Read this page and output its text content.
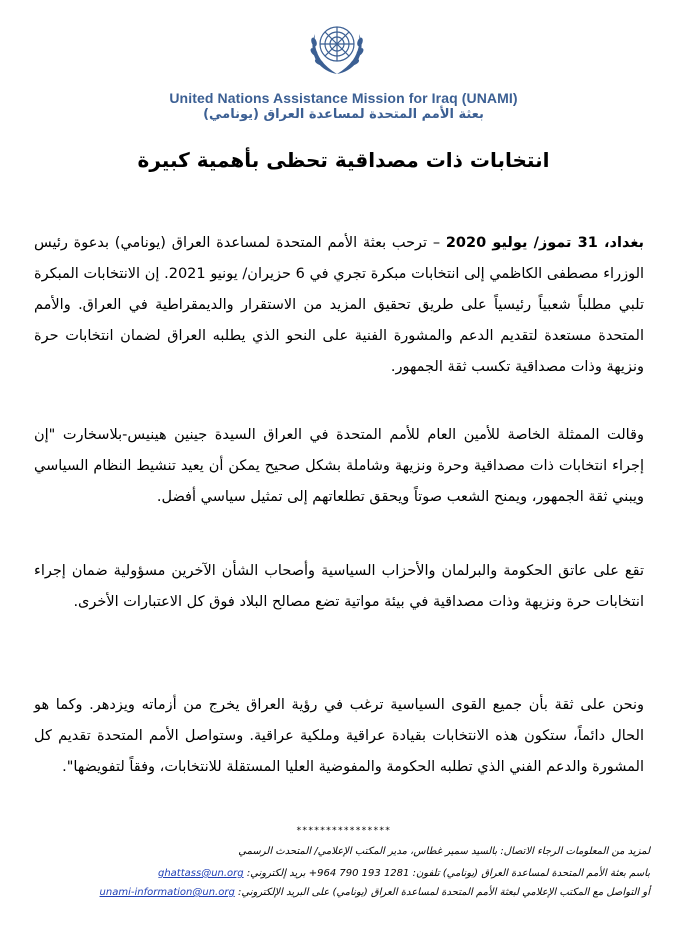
United Nations Assistance Mission for Iraq (UNAMI)
بعثة الأمم المتحدة لمساعدة العراق (يونامي)
انتخابات ذات مصداقية تحظى بأهمية كبيرة

بغداد، 31 تموز/ يوليو 2020 – ترحب بعثة الأمم المتحدة لمساعدة العراق (يونامي) بدعوة رئيس الوزراء مصطفى الكاظمي إلى انتخابات مبكرة تجري في 6 حزيران/ يونيو 2021. إن الانتخابات المبكرة تلبي مطلباً شعبياً رئيسياً على طريق تحقيق المزيد من الاستقرار والديمقراطية في العراق. والأمم المتحدة مستعدة لتقديم الدعم والمشورة الفنية على النحو الذي يطلبه العراق لضمان انتخابات حرة ونزيهة وذات مصداقية تكسب ثقة الجمهور.

وقالت الممثلة الخاصة للأمين العام للأمم المتحدة في العراق السيدة جينين هينيس-بلاسخارت "إن إجراء انتخابات ذات مصداقية وحرة ونزيهة وشاملة بشكل صحيح يمكن أن يعيد تنشيط النظام السياسي ويبني ثقة الجمهور، ويمنح الشعب صوتاً ويحقق تطلعاتهم إلى تمثيل سياسي أفضل.

تقع على عاتق الحكومة والبرلمان والأحزاب السياسية وأصحاب الشأن الآخرين مسؤولية ضمان إجراء انتخابات حرة ونزيهة وذات مصداقية في بيئة مواتية تضع مصالح البلاد فوق كل الاعتبارات الأخرى.

ونحن على ثقة بأن جميع القوى السياسية ترغب في رؤية العراق يخرج من أزماته ويزدهر. وكما هو الحال دائماً، ستكون هذه الانتخابات بقيادة عراقية وملكية عراقية. وستواصل الأمم المتحدة تقديم كل المشورة والدعم الفني الذي تطلبه الحكومة والمفوضية العليا المستقلة للانتخابات، وفقاً لتفويضها".

****************
لمزيد من المعلومات الرجاء الاتصال: بالسيد سمير غطاس، مدير المكتب الإعلامي/ المتحدث الرسمي
باسم بعثة الأمم المتحدة لمساعدة العراق (يونامي) تلفون: 1281 193 790 964+ بريد إلكتروني: ghattass@un.org
أو التواصل مع المكتب الإعلامي لبعثة الأمم المتحدة لمساعدة العراق (يونامي) على البريد الإلكتروني: unami-information@un.org
